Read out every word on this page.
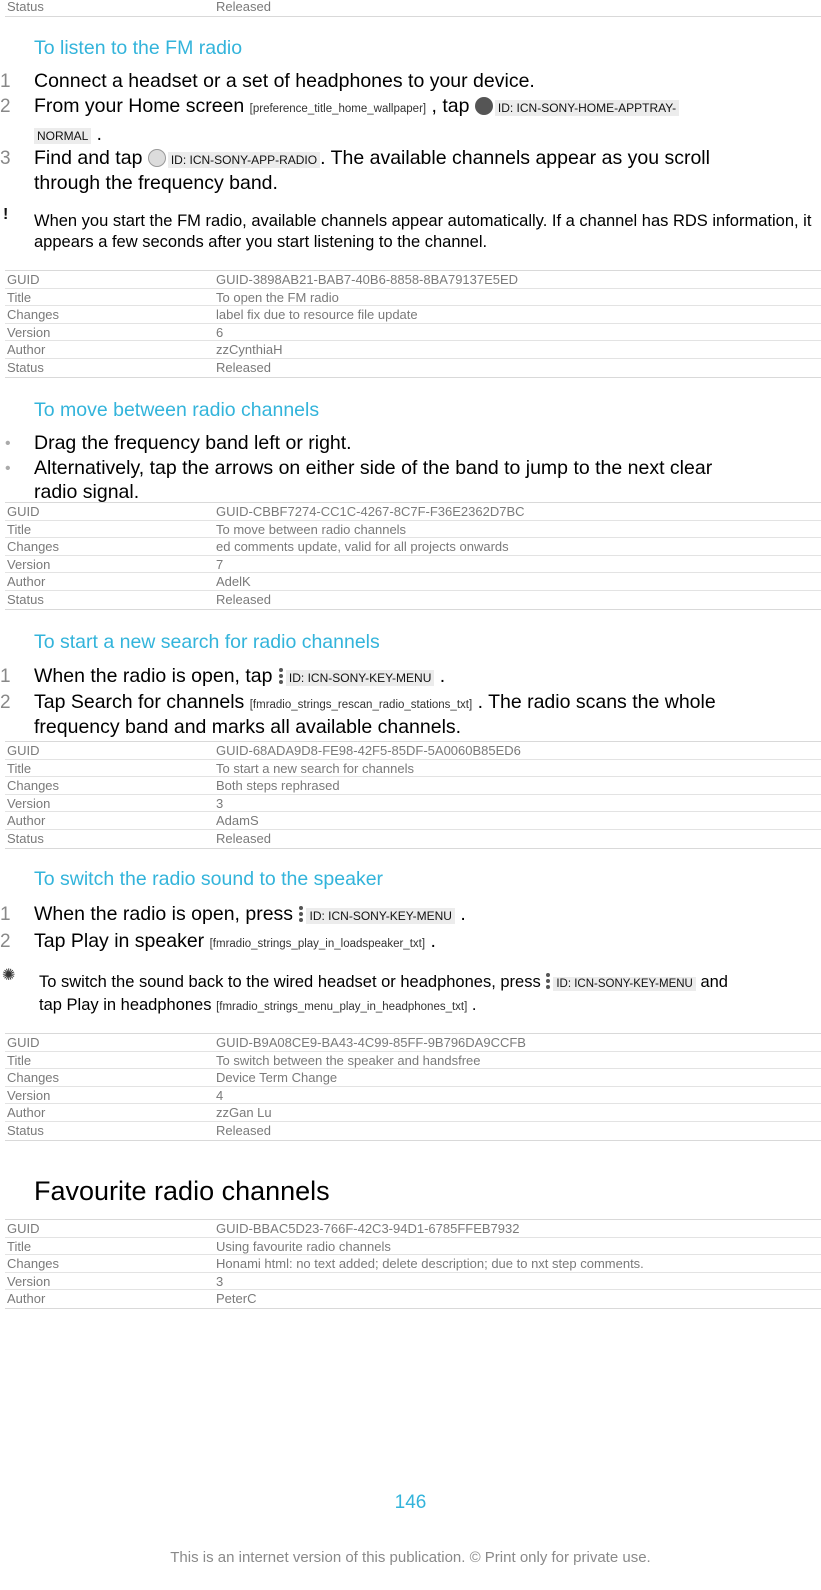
Status	Released
To listen to the FM radio
1 Connect a headset or a set of headphones to your device.
2 From your Home screen [preference_title_home_wallpaper] , tap ID: ICN-SONY-HOME-APPTRAY-
NORMAL .
3 Find and tap ID: ICN-SONY-APP-RADIO . The available channels appear as you scroll
through the frequency band.
! When you start the FM radio, available channels appear automatically. If a channel has RDS information, it appears a few seconds after you start listening to the channel.
GUID	GUID-3898AB21-BAB7-40B6-8858-8BA79137E5ED
Title	To open the FM radio
Changes	label fix due to resource file update
Version	6
Author	zzCynthiaH
Status	Released
To move between radio channels
• Drag the frequency band left or right.
• Alternatively, tap the arrows on either side of the band to jump to the next clear
radio signal.
GUID	GUID-CBBF7274-CC1C-4267-8C7F-F36E2362D7BC
Title	To move between radio channels
Changes	ed comments update, valid for all projects onwards
Version	7
Author	AdelK
Status	Released
To start a new search for radio channels
1 When the radio is open, tap
ID: ICN-SONY-KEY-MENU .
2 Tap Search for channels [fmradio_strings_rescan_radio_stations_txt] . The radio scans the whole
frequency band and marks all available channels.
GUID	GUID-68ADA9D8-FE98-42F5-85DF-5A0060B85ED6
Title	To start a new search for channels
Changes	Both steps rephrased
Version	3
Author	AdamS
Status	Released
To switch the radio sound to the speaker
1 When the radio is open, press
ID: ICN-SONY-KEY-MENU .
2 Tap Play in speaker [fmradio_strings_play_in_loadspeaker_txt] .
✺ To switch the sound back to the wired headset or headphones, press
ID: ICN-SONY-KEY-MENU and
tap Play in headphones [fmradio_strings_menu_play_in_headphones_txt] .
GUID	GUID-B9A08CE9-BA43-4C99-85FF-9B796DA9CCFB
Title	To switch between the speaker and handsfree
Changes	Device Term Change
Version	4
Author	zzGan Lu
Status	Released
Favourite radio channels
GUID	GUID-BBAC5D23-766F-42C3-94D1-6785FFEB7932
Title	Using favourite radio channels
Changes	Honami html: no text added; delete description; due to nxt step comments.
Version	3
Author	PeterC
146
This is an internet version of this publication. © Print only for private use.
